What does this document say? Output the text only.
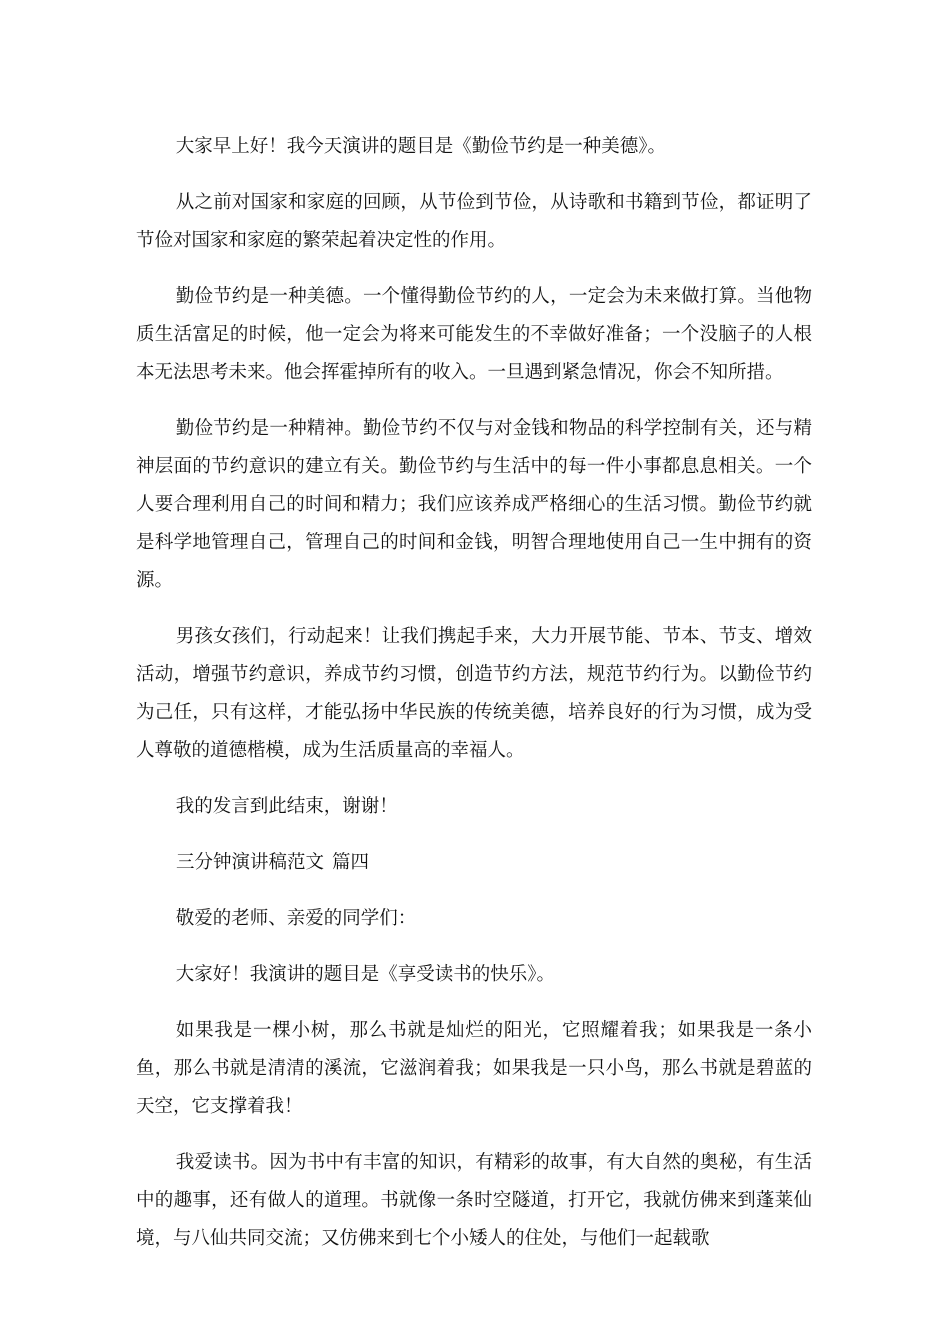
大家早上好！我今天演讲的题目是《勤俭节约是一种美德》。

从之前对国家和家庭的回顾，从节俭到节俭，从诗歌和书籍到节俭，都证明了节俭对国家和家庭的繁荣起着决定性的作用。

勤俭节约是一种美德。一个懂得勤俭节约的人，一定会为未来做打算。当他物质生活富足的时候，他一定会为将来可能发生的不幸做好准备；一个没脑子的人根本无法思考未来。他会挥霍掉所有的收入。一旦遇到紧急情况，你会不知所措。

勤俭节约是一种精神。勤俭节约不仅与对金钱和物品的科学控制有关，还与精神层面的节约意识的建立有关。勤俭节约与生活中的每一件小事都息息相关。一个人要合理利用自己的时间和精力；我们应该养成严格细心的生活习惯。勤俭节约就是科学地管理自己，管理自己的时间和金钱，明智合理地使用自己一生中拥有的资源。

男孩女孩们，行动起来！让我们携起手来，大力开展节能、节本、节支、增效活动，增强节约意识，养成节约习惯，创造节约方法，规范节约行为。以勤俭节约为己任，只有这样，才能弘扬中华民族的传统美德，培养良好的行为习惯，成为受人尊敬的道德楷模，成为生活质量高的幸福人。

我的发言到此结束，谢谢！

三分钟演讲稿范文 篇四

敬爱的老师、亲爱的同学们：

大家好！我演讲的题目是《享受读书的快乐》。

如果我是一棵小树，那么书就是灿烂的阳光，它照耀着我；如果我是一条小鱼，那么书就是清清的溪流，它滋润着我；如果我是一只小鸟，那么书就是碧蓝的天空，它支撑着我！

我爱读书。因为书中有丰富的知识，有精彩的故事，有大自然的奥秘，有生活中的趣事，还有做人的道理。书就像一条时空隧道，打开它，我就仿佛来到蓬莱仙境，与八仙共同交流；又仿佛来到七个小矮人的住处，与他们一起载歌
